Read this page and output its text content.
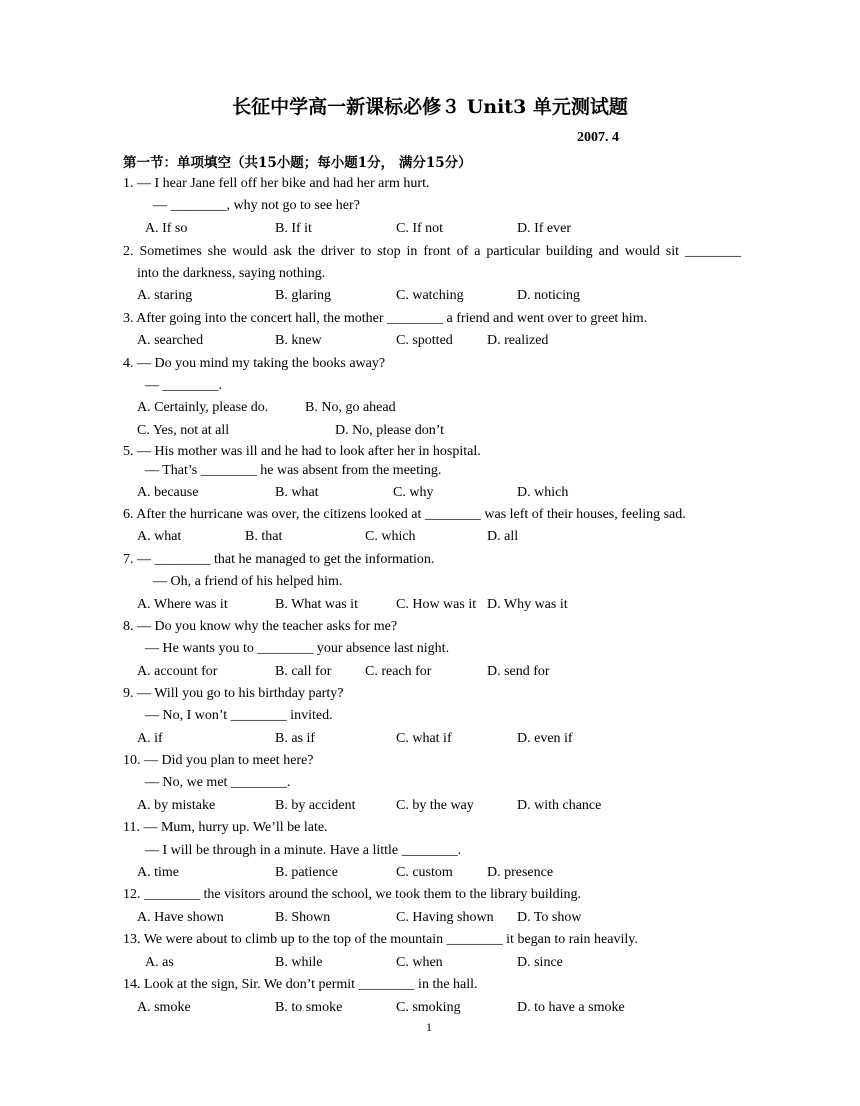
长征中学高一新课标必修３ Unit3 单元测试题
2007. 4
第一节：单项填空（共15小题；每小题1分， 满分15分）
1. — I hear Jane fell off her bike and had her arm hurt.
— ________, why not go to see her?
A. If so	B. If it	C. If not	D. If ever
2. Sometimes she would ask the driver to stop in front of a particular building and would sit ________
into the darkness, saying nothing.
A. staring	B. glaring	C. watching	D. noticing
3. After going into the concert hall, the mother ________ a friend and went over to greet him.
A. searched	B. knew	C. spotted D. realized
4. — Do you mind my taking the books away?
— ________.
A. Certainly, please do.	B. No, go ahead
C. Yes, not at all	D. No, please don’t
5. — His mother was ill and he had to look after her in hospital.
— That’s ________ he was absent from the meeting.
A. because	B. what	C. why	D. which
6. After the hurricane was over, the citizens looked at ________ was left of their houses, feeling sad.
A. what	B. that	C. which	D. all
7. — ________ that he managed to get the information.
— Oh, a friend of his helped him.
A. Where was it	B. What was it	C. How was it D. Why was it
8. — Do you know why the teacher asks for me?
— He wants you to ________ your absence last night.
A. account for	B. call for C. reach for	D. send for
9. — Will you go to his birthday party?
— No, I won’t ________ invited.
A. if	B. as if	C. what if	D. even if
10. — Did you plan to meet here?
— No, we met ________.
A. by mistake	B. by accident	C. by the way	D. with chance
11. — Mum, hurry up. We’ll be late.
— I will be through in a minute. Have a little ________.
A. time	B. patience	C. custom D. presence
12. ________ the visitors around the school, we took them to the library building.
A. Have shown	B. Shown	C. Having shown D. To show
13. We were about to climb up to the top of the mountain ________ it began to rain heavily.
A. as	B. while	C. when	D. since
14. Look at the sign, Sir. We don’t permit ________ in the hall.
A. smoke	B. to smoke	C. smoking	D. to have a smoke
1
